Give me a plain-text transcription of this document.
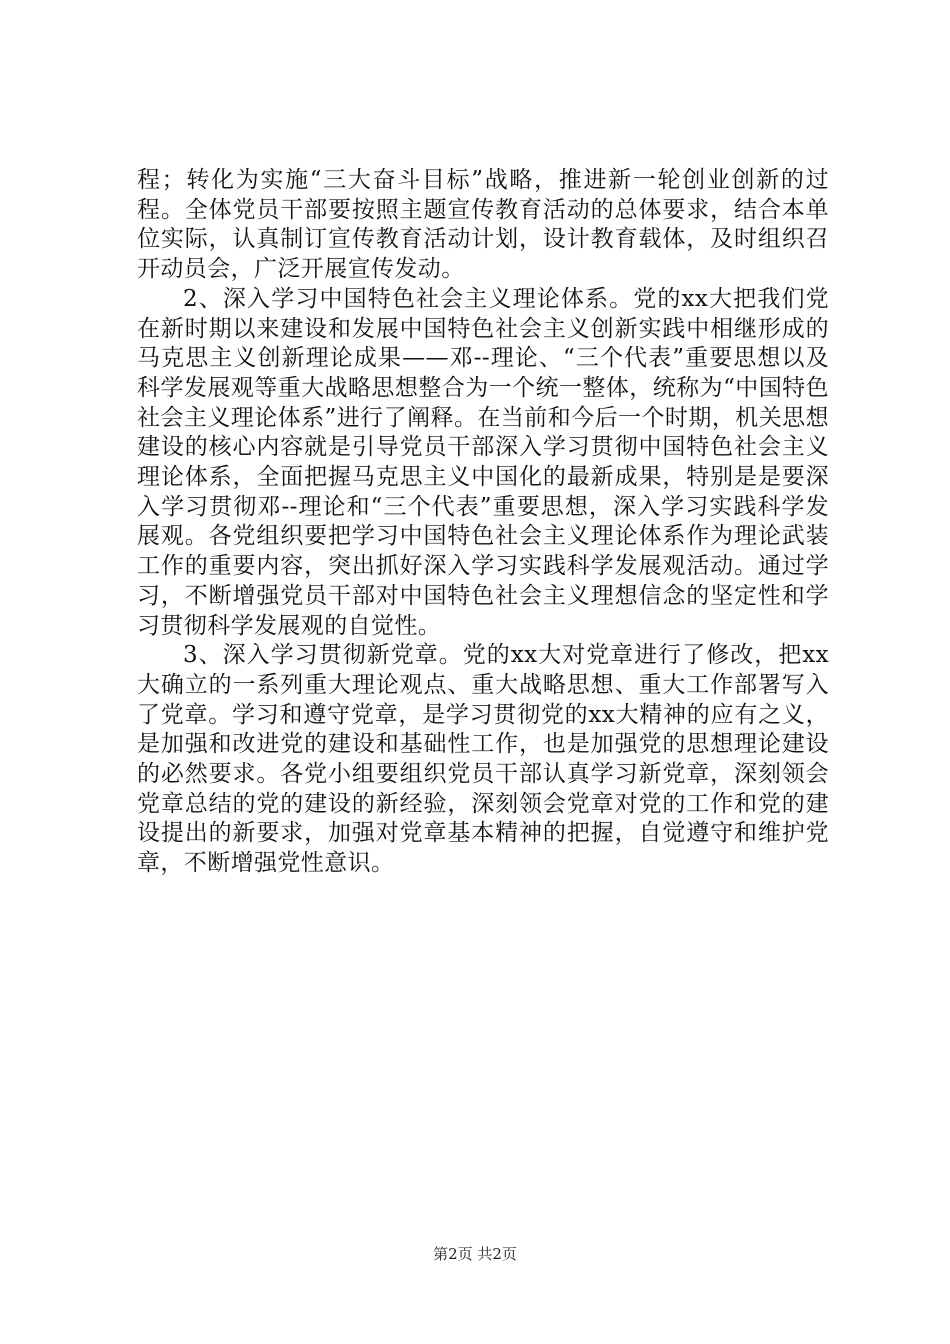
程；转化为实施“三大奋斗目标”战略，推进新一轮创业创新的过程。全体党员干部要按照主题宣传教育活动的总体要求，结合本单位实际，认真制订宣传教育活动计划，设计教育载体，及时组织召开动员会，广泛开展宣传发动。

2、深入学习中国特色社会主义理论体系。党的xx大把我们党在新时期以来建设和发展中国特色社会主义创新实践中相继形成的马克思主义创新理论成果——邓--理论、“三个代表”重要思想以及科学发展观等重大战略思想整合为一个统一整体，统称为“中国特色社会主义理论体系”进行了阐释。在当前和今后一个时期，机关思想建设的核心内容就是引导党员干部深入学习贯彻中国特色社会主义理论体系，全面把握马克思主义中国化的最新成果，特别是是要深入学习贯彻邓--理论和“三个代表”重要思想，深入学习实践科学发展观。各党组织要把学习中国特色社会主义理论体系作为理论武装工作的重要内容，突出抓好深入学习实践科学发展观活动。通过学习，不断增强党员干部对中国特色社会主义理想信念的坚定性和学习贯彻科学发展观的自觉性。

3、深入学习贯彻新党章。党的xx大对党章进行了修改，把xx大确立的一系列重大理论观点、重大战略思想、重大工作部署写入了党章。学习和遵守党章，是学习贯彻党的xx大精神的应有之义，是加强和改进党的建设和基础性工作，也是加强党的思想理论建设的必然要求。各党小组要组织党员干部认真学习新党章，深刻领会党章总结的党的建设的新经验，深刻领会党章对党的工作和党的建设提出的新要求，加强对党章基本精神的把握，自觉遵守和维护党章，不断增强党性意识。

第2页 共2页
